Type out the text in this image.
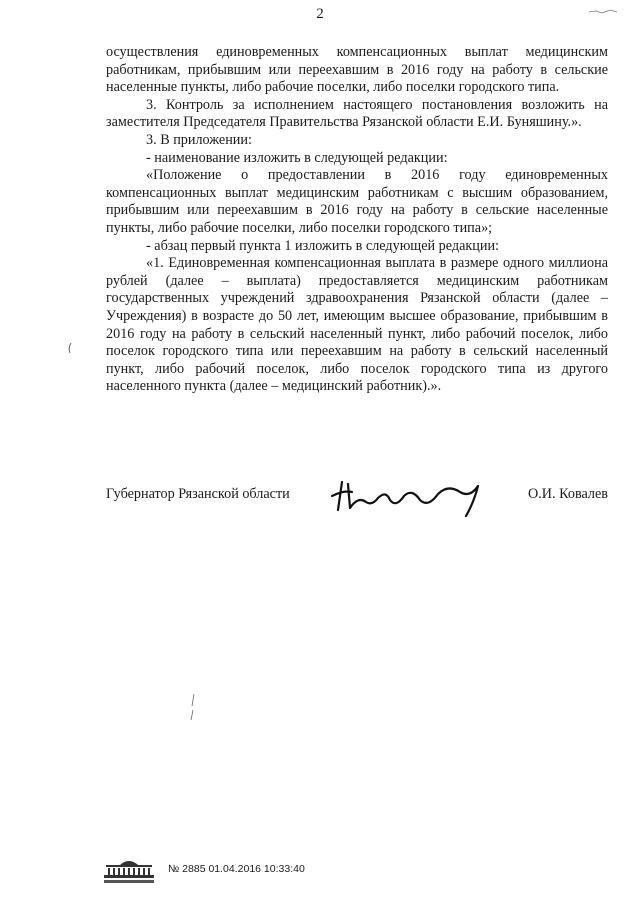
2

осуществления единовременных компенсационных выплат медицинским работникам, прибывшим или переехавшим в 2016 году на работу в сельские населенные пункты, либо рабочие поселки, либо поселки городского типа.

3. Контроль за исполнением настоящего постановления возложить на заместителя Председателя Правительства Рязанской области Е.И. Буняшину.».

3. В приложении:

- наименование изложить в следующей редакции:

«Положение о предоставлении в 2016 году единовременных компенсационных выплат медицинским работникам с высшим образованием, прибывшим или переехавшим в 2016 году на работу в сельские населенные пункты, либо рабочие поселки, либо поселки городского типа»;

- абзац первый пункта 1 изложить в следующей редакции:

«1. Единовременная компенсационная выплата в размере одного миллиона рублей (далее – выплата) предоставляется медицинским работникам государственных учреждений здравоохранения Рязанской области (далее – Учреждения) в возрасте до 50 лет, имеющим высшее образование, прибывшим в 2016 году на работу в сельский населенный пункт, либо рабочий поселок, либо поселок городского типа или переехавшим на работу в сельский населенный пункт, либо рабочий поселок, либо поселок городского типа из другого населенного пункта (далее – медицинский работник).».

Губернатор Рязанской области	О.И. Ковалев
№ 2885 01.04.2016 10:33:40
